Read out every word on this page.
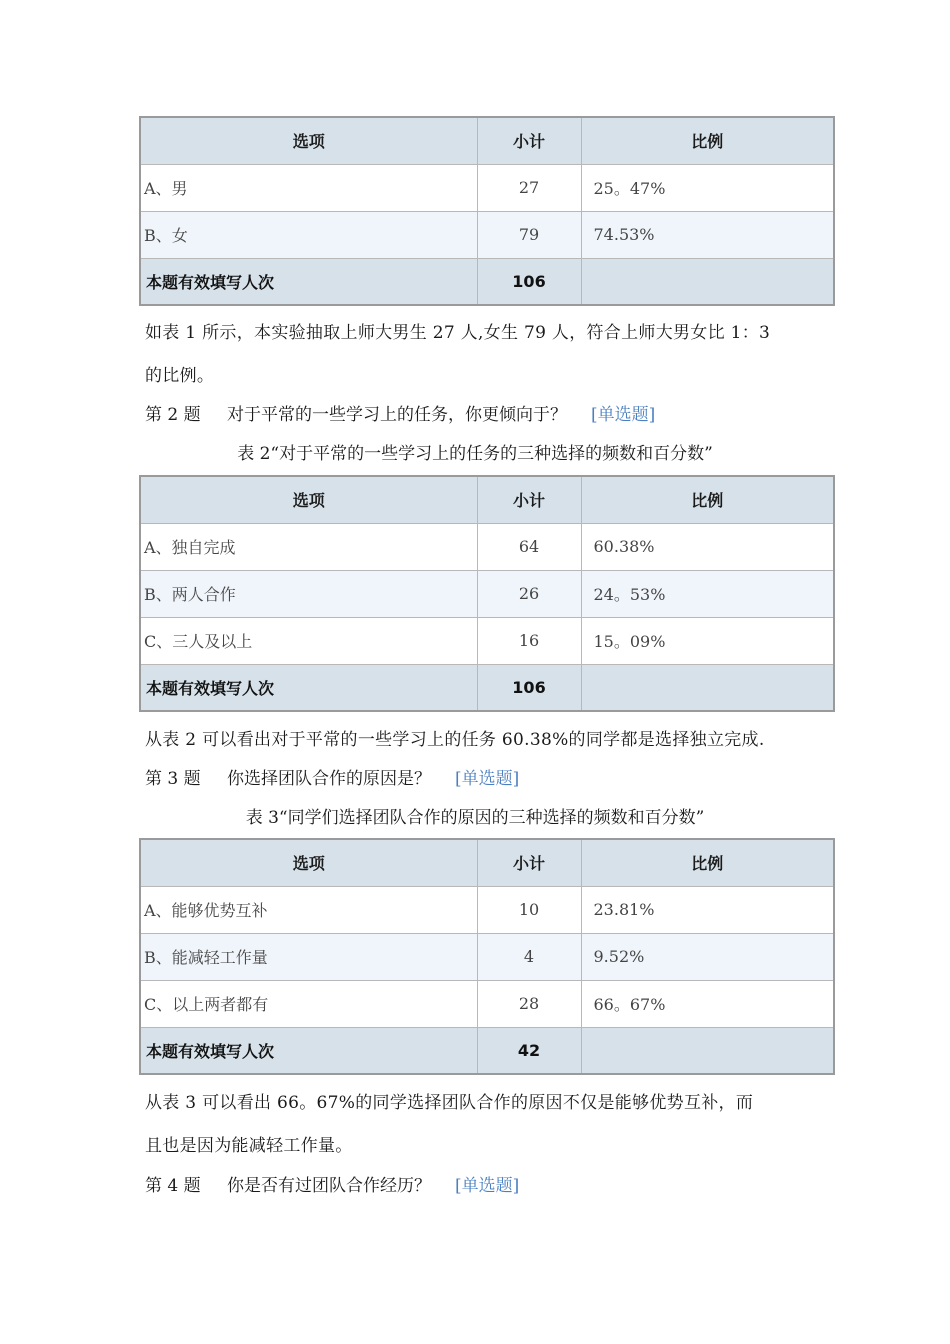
选项	小计	比例
A、男	27	25。47%
B、女	79	74.53%
本题有效填写人次	106	
如表 1 所示，本实验抽取上师大男生 27 人,女生 79 人，符合上师大男女比 1：3
的比例。
第 2 题 对于平常的一些学习上的任务，你更倾向于？ [单选题]
表 2“对于平常的一些学习上的任务的三种选择的频数和百分数”
选项	小计	比例
A、独自完成	64	60.38%
B、两人合作	26	24。53%
C、三人及以上	16	15。09%
本题有效填写人次	106	
从表 2 可以看出对于平常的一些学习上的任务 60.38%的同学都是选择独立完成.
第 3 题 你选择团队合作的原因是？ [单选题]
表 3“同学们选择团队合作的原因的三种选择的频数和百分数”
选项	小计	比例
A、能够优势互补	10	23.81%
B、能减轻工作量	4	9.52%
C、以上两者都有	28	66。67%
本题有效填写人次	42	
从表 3 可以看出 66。67%的同学选择团队合作的原因不仅是能够优势互补，而
且也是因为能减轻工作量。
第 4 题 你是否有过团队合作经历？ [单选题]
